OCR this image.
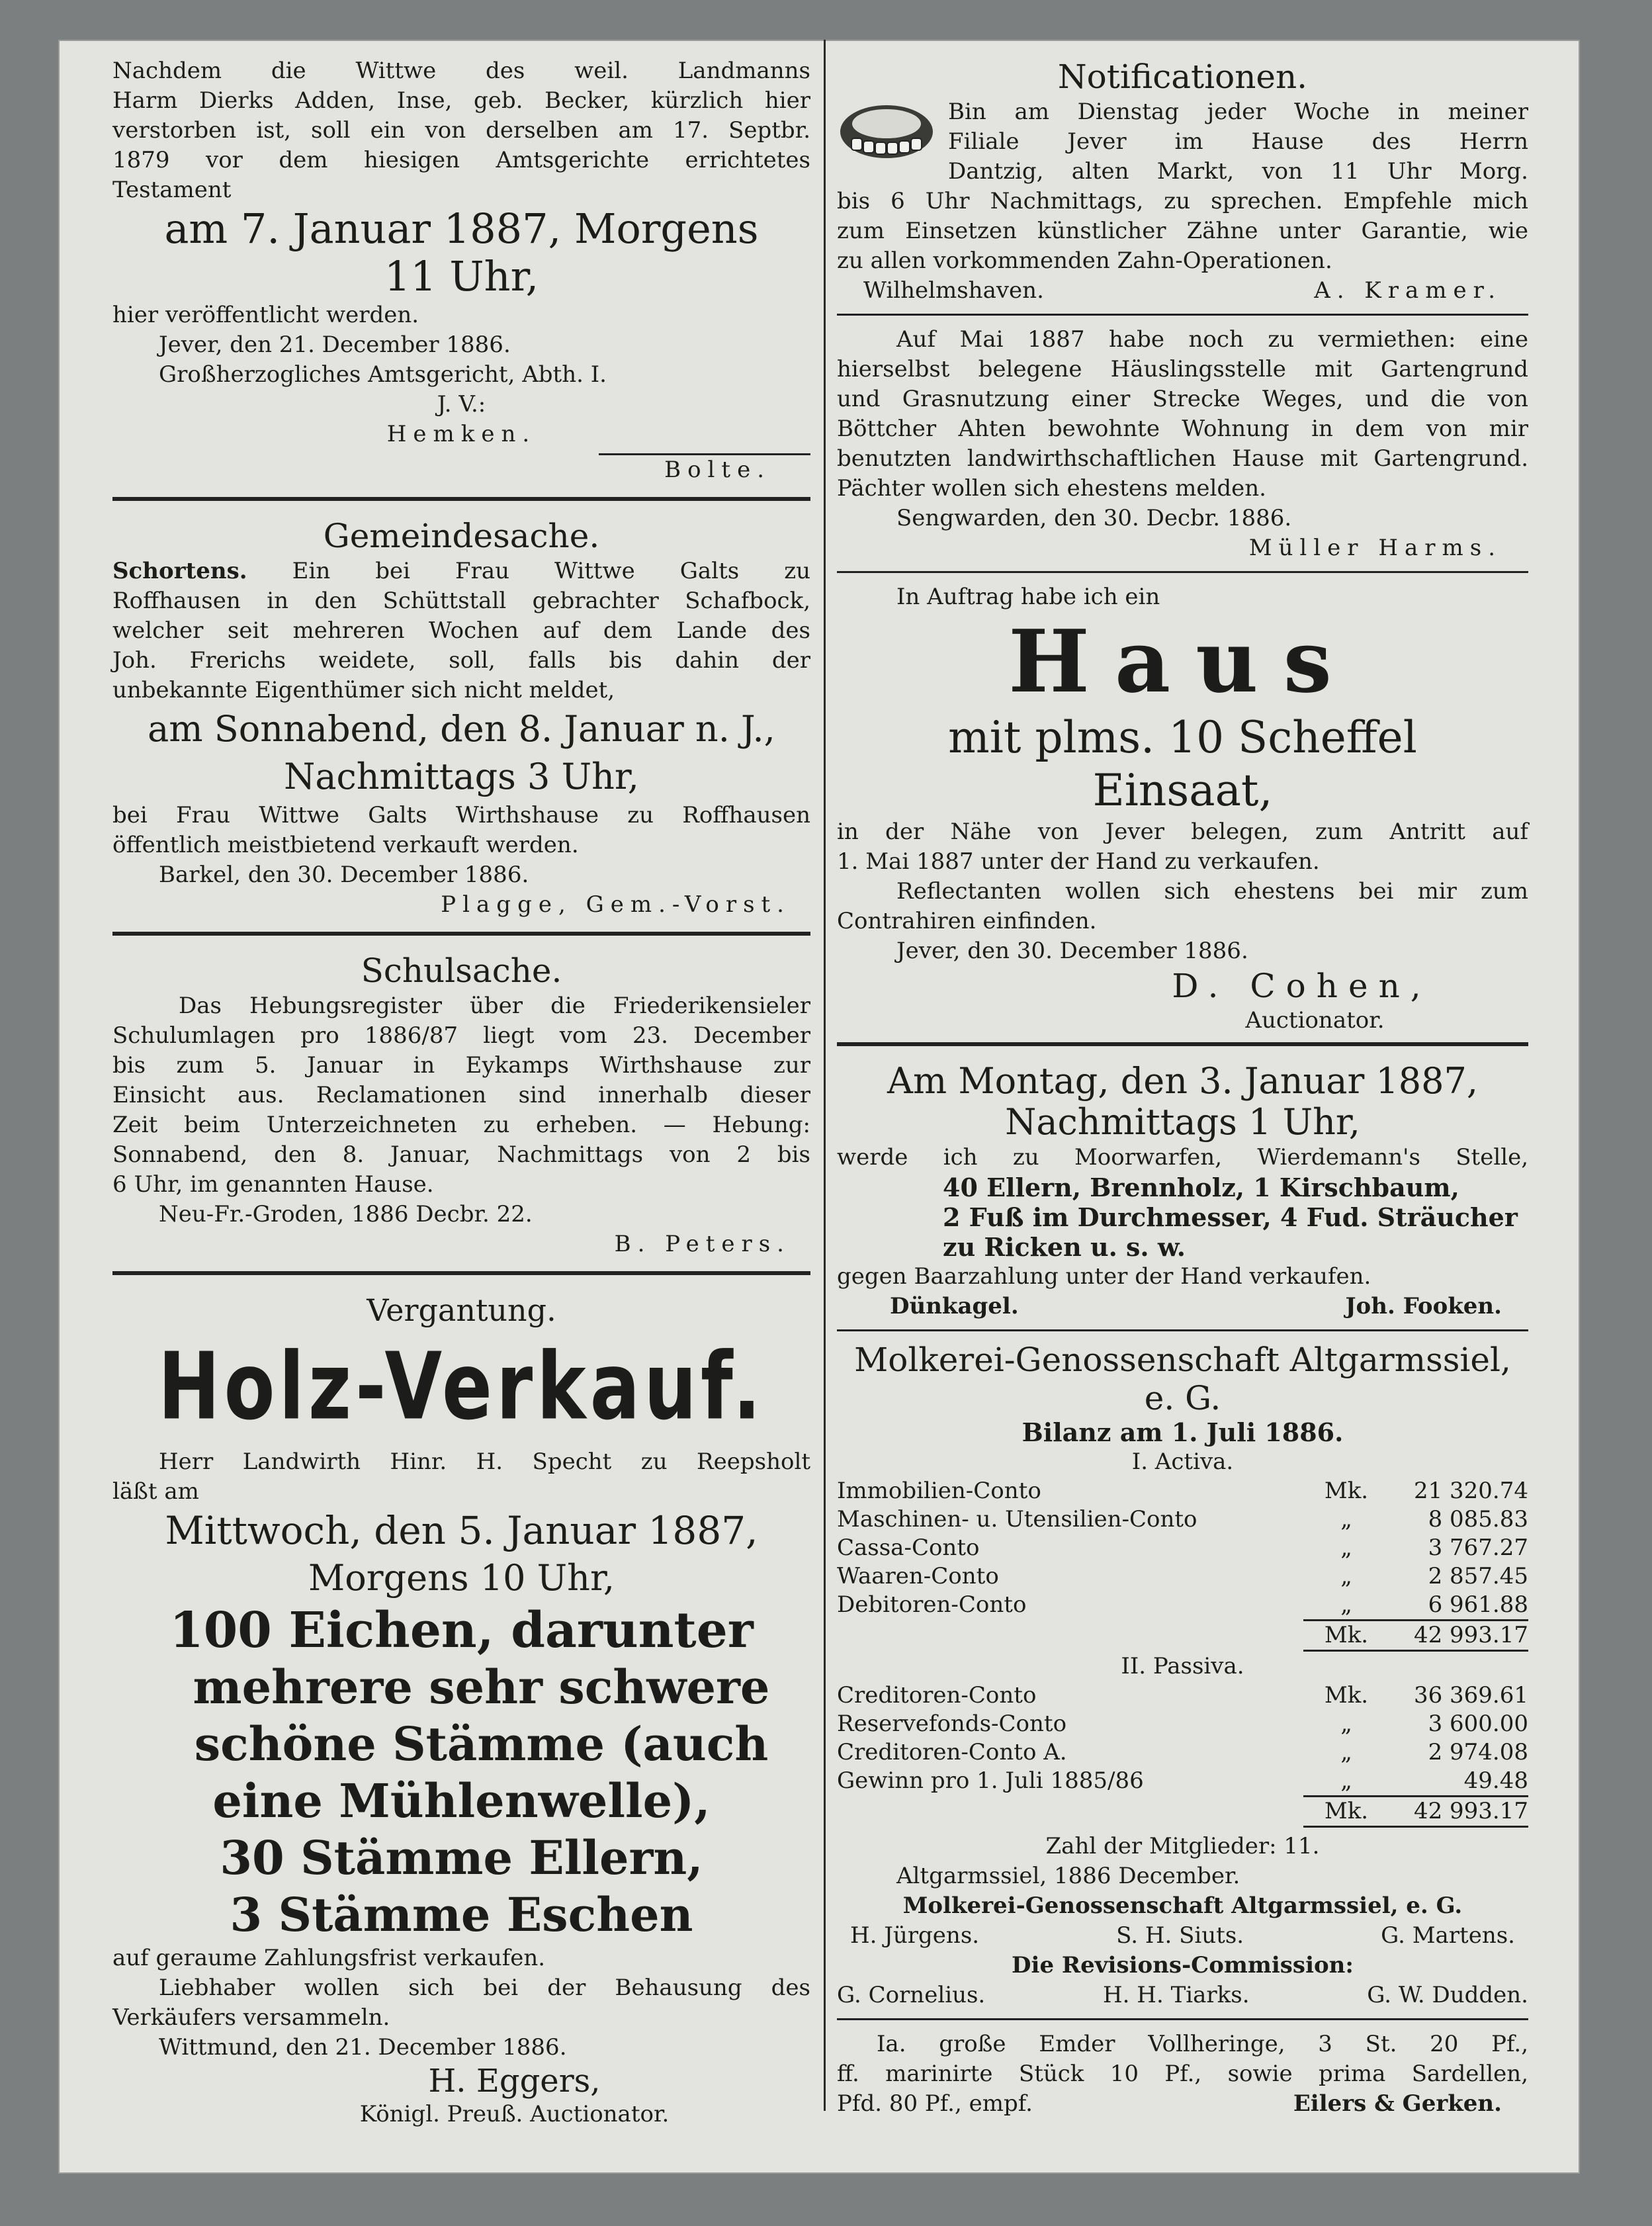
Nachdem die Wittwe des weil. Landmanns

Harm Dierks Adden, Inse, geb. Becker, kürzlich hier

verstorben ist, soll ein von derselben am 17. Septbr.

1879 vor dem hiesigen Amtsgerichte errichtetes

Testament

am 7. Januar 1887, Morgens

11 Uhr,

hier veröffentlicht werden.

Jever, den 21. December 1886.

Großherzogliches Amtsgericht, Abth. I.

J. V.:

Hemken.

Bolte.

Gemeindesache.

Schortens. Ein bei Frau Wittwe Galts zu

Roffhausen in den Schüttstall gebrachter Schafbock,

welcher seit mehreren Wochen auf dem Lande des

Joh. Frerichs weidete, soll, falls bis dahin der

unbekannte Eigenthümer sich nicht meldet,

am Sonnabend, den 8. Januar n. J.,

Nachmittags 3 Uhr,

bei Frau Wittwe Galts Wirthshause zu Roffhausen

öffentlich meistbietend verkauft werden.

Barkel, den 30. December 1886.

Plagge, Gem.-Vorst.

Schulsache.

Das Hebungsregister über die Friederikensieler

Schulumlagen pro 1886/87 liegt vom 23. December

bis zum 5. Januar in Eykamps Wirthshause zur

Einsicht aus. Reclamationen sind innerhalb dieser

Zeit beim Unterzeichneten zu erheben. — Hebung:

Sonnabend, den 8. Januar, Nachmittags von 2 bis

6 Uhr, im genannten Hause.

Neu-Fr.-Groden, 1886 Decbr. 22.

B. Peters.

Vergantung.

Holz-Verkauf.

Herr Landwirth Hinr. H. Specht zu Reepsholt

läßt am

Mittwoch, den 5. Januar 1887,

Morgens 10 Uhr,

100 Eichen, darunter

mehrere sehr schwere

schöne Stämme (auch

eine Mühlenwelle),

30 Stämme Ellern,

3 Stämme Eschen

auf geraume Zahlungsfrist verkaufen.

Liebhaber wollen sich bei der Behausung des

Verkäufers versammeln.

Wittmund, den 21. December 1886.

H. Eggers,

Königl. Preuß. Auctionator.

Notificationen.

Bin am Dienstag jeder Woche in meiner

Filiale Jever im Hause des Herrn

Dantzig, alten Markt, von 11 Uhr Morg.

bis 6 Uhr Nachmittags, zu sprechen. Empfehle mich

zum Einsetzen künstlicher Zähne unter Garantie, wie

zu allen vorkommenden Zahn-Operationen.

Wilhelmshaven.	A. Kramer.

Auf Mai 1887 habe noch zu vermiethen: eine

hierselbst belegene Häuslingsstelle mit Gartengrund

und Grasnutzung einer Strecke Weges, und die von

Böttcher Ahten bewohnte Wohnung in dem von mir

benutzten landwirthschaftlichen Hause mit Gartengrund.

Pächter wollen sich ehestens melden.

Sengwarden, den 30. Decbr. 1886.

Müller Harms.

In Auftrag habe ich ein

Haus

mit plms. 10 Scheffel

Einsaat,

in der Nähe von Jever belegen, zum Antritt auf

1. Mai 1887 unter der Hand zu verkaufen.

Reflectanten wollen sich ehestens bei mir zum

Contrahiren einfinden.

Jever, den 30. December 1886.

D. Cohen,

Auctionator.

Am Montag, den 3. Januar 1887,

Nachmittags 1 Uhr,

werde ich zu Moorwarfen, Wierdemann's Stelle,

40 Ellern, Brennholz, 1 Kirschbaum,

2 Fuß im Durchmesser, 4 Fud. Sträucher

zu Ricken u. s. w.

gegen Baarzahlung unter der Hand verkaufen.

Dünkagel.	Joh. Fooken.

Molkerei-Genossenschaft Altgarmssiel,

e. G.

Bilanz am 1. Juli 1886.

I. Activa.

Immobilien-Conto	Mk.	21 320.74
Maschinen- u. Utensilien-Conto	„	8 085.83
Cassa-Conto	„	3 767.27
Waaren-Conto	„	2 857.45
Debitoren-Conto	„	6 961.88
Mk.	42 993.17

II. Passiva.

Creditoren-Conto	Mk.	36 369.61
Reservefonds-Conto	„	3 600.00
Creditoren-Conto A.	„	2 974.08
Gewinn pro 1. Juli 1885/86	„	49.48
Mk.	42 993.17

Zahl der Mitglieder: 11.

Altgarmssiel, 1886 December.

Molkerei-Genossenschaft Altgarmssiel, e. G.

H. Jürgens.	S. H. Siuts.	G. Martens.

Die Revisions-Commission:

G. Cornelius.	H. H. Tiarks.	G. W. Dudden.

Ia. große Emder Vollheringe, 3 St. 20 Pf.,

ff. marinirte Stück 10 Pf., sowie prima Sardellen,

Pfd. 80 Pf., empf.	Eilers & Gerken.
